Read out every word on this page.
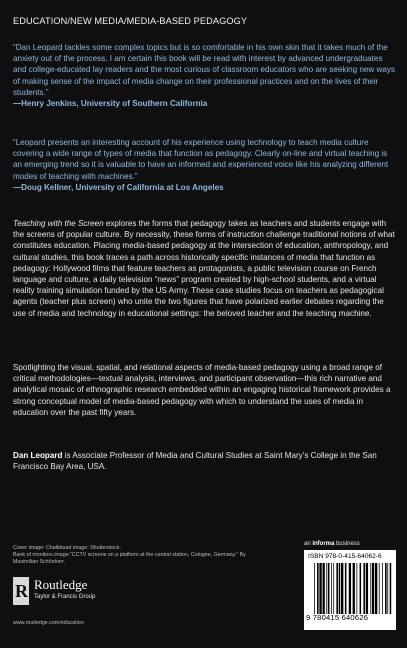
EDUCATION/NEW MEDIA/MEDIA-BASED PEDAGOGY

“Dan Leopard tackles some complex topics but is so comfortable in his own skin that it takes much of the anxiety out of the process. I am certain this book will be read with interest by advanced undergraduates and college-educated lay readers and the most curious of classroom educators who are seeking new ways of making sense of the impact of media change on their professional practices and on the lives of their students.”

—Henry Jenkins, University of Southern California

“Leopard presents an interesting account of his experience using technology to teach media culture covering a wide range of types of media that function as pedagogy. Clearly on-line and virtual teaching is an emerging trend so it is valuable to have an informed and experienced voice like his analyzing different modes of teaching with machines.”

—Doug Kellner, University of California at Los Angeles

Teaching with the Screen explores the forms that pedagogy takes as teachers and students engage with the screens of popular culture. By necessity, these forms of instruction challenge traditional notions of what constitutes education. Placing media-based pedagogy at the intersection of education, anthropology, and cultural studies, this book traces a path across historically specific instances of media that function as pedagogy: Hollywood films that feature teachers as protagonists, a public television course on French language and culture, a daily television “news” program created by high-school students, and a virtual reality training simulation funded by the US Army. These case studies focus on teachers as pedagogical agents (teacher plus screen) who unite the two figures that have polarized earlier debates regarding the use of media and technology in educational settings: the beloved teacher and the teaching machine.

Spotlighting the visual, spatial, and relational aspects of media-based pedagogy using a broad range of critical methodologies—textual analysis, interviews, and participant observation—this rich narrative and analytical mosaic of ethnographic research embedded within an engaging historical framework provides a strong conceptual model of media-based pedagogy with which to understand the uses of media in education over the past fifty years.

Dan Leopard is Associate Professor of Media and Cultural Studies at Saint Mary’s College in the San Francisco Bay Area, USA.

Cover image: Chalkboad image: Shutterstock.
Bank of monitors image:“CCTV screens on a platform at the central station, Cologne, Germany.” By Maximilian Schönherr.
R Routledge
Taylor & Francis Group
www.routledge.com/education
an informa business
ISBN 978-0-415-64062-6
9 780415 640626
